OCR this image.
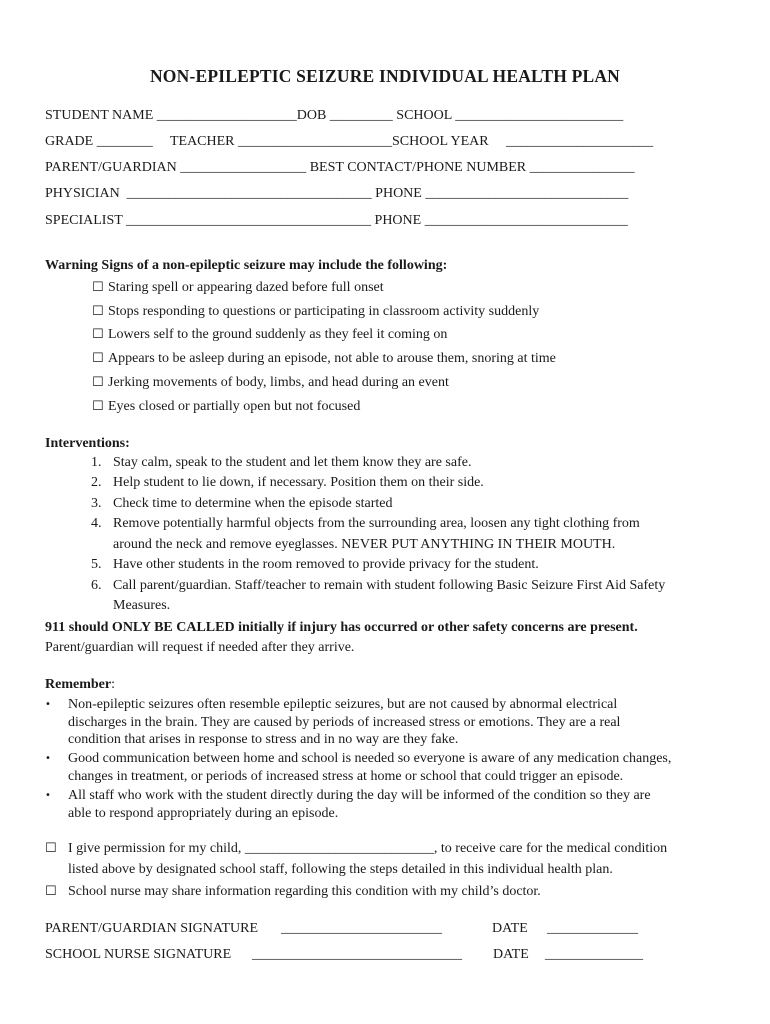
NON-EPILEPTIC SEIZURE INDIVIDUAL HEALTH PLAN
STUDENT NAME ____________________DOB _________ SCHOOL ________________________
GRADE ________     TEACHER ______________________SCHOOL YEAR     _____________________
PARENT/GUARDIAN __________________ BEST CONTACT/PHONE NUMBER _______________
PHYSICIAN  ___________________________________ PHONE _____________________________
SPECIALIST ___________________________________ PHONE _____________________________
Warning Signs of a non-epileptic seizure may include the following:
☐ Staring spell or appearing dazed before full onset
☐ Stops responding to questions or participating in classroom activity suddenly
☐ Lowers self to the ground suddenly as they feel it coming on
☐ Appears to be asleep during an episode, not able to arouse them, snoring at time
☐ Jerking movements of body, limbs, and head during an event
☐ Eyes closed or partially open but not focused
Interventions:
1. Stay calm, speak to the student and let them know they are safe.
2. Help student to lie down, if necessary. Position them on their side.
3. Check time to determine when the episode started
4. Remove potentially harmful objects from the surrounding area, loosen any tight clothing from
around the neck and remove eyeglasses. NEVER PUT ANYTHING IN THEIR MOUTH.
5. Have other students in the room removed to provide privacy for the student.
6. Call parent/guardian. Staff/teacher to remain with student following Basic Seizure First Aid Safety
Measures.
911 should ONLY BE CALLED initially if injury has occurred or other safety concerns are present.
Parent/guardian will request if needed after they arrive.
Remember:
• Non-epileptic seizures often resemble epileptic seizures, but are not caused by abnormal electrical
discharges in the brain. They are caused by periods of increased stress or emotions. They are a real
condition that arises in response to stress and in no way are they fake.
• Good communication between home and school is needed so everyone is aware of any medication changes,
changes in treatment, or periods of increased stress at home or school that could trigger an episode.
• All staff who work with the student directly during the day will be informed of the condition so they are
able to respond appropriately during an episode.
☐ I give permission for my child, ___________________________, to receive care for the medical condition
listed above by designated school staff, following the steps detailed in this individual health plan.
☐ School nurse may share information regarding this condition with my child’s doctor.
PARENT/GUARDIAN SIGNATURE _______________________	DATE _____________
SCHOOL NURSE SIGNATURE ______________________________ DATE ______________
